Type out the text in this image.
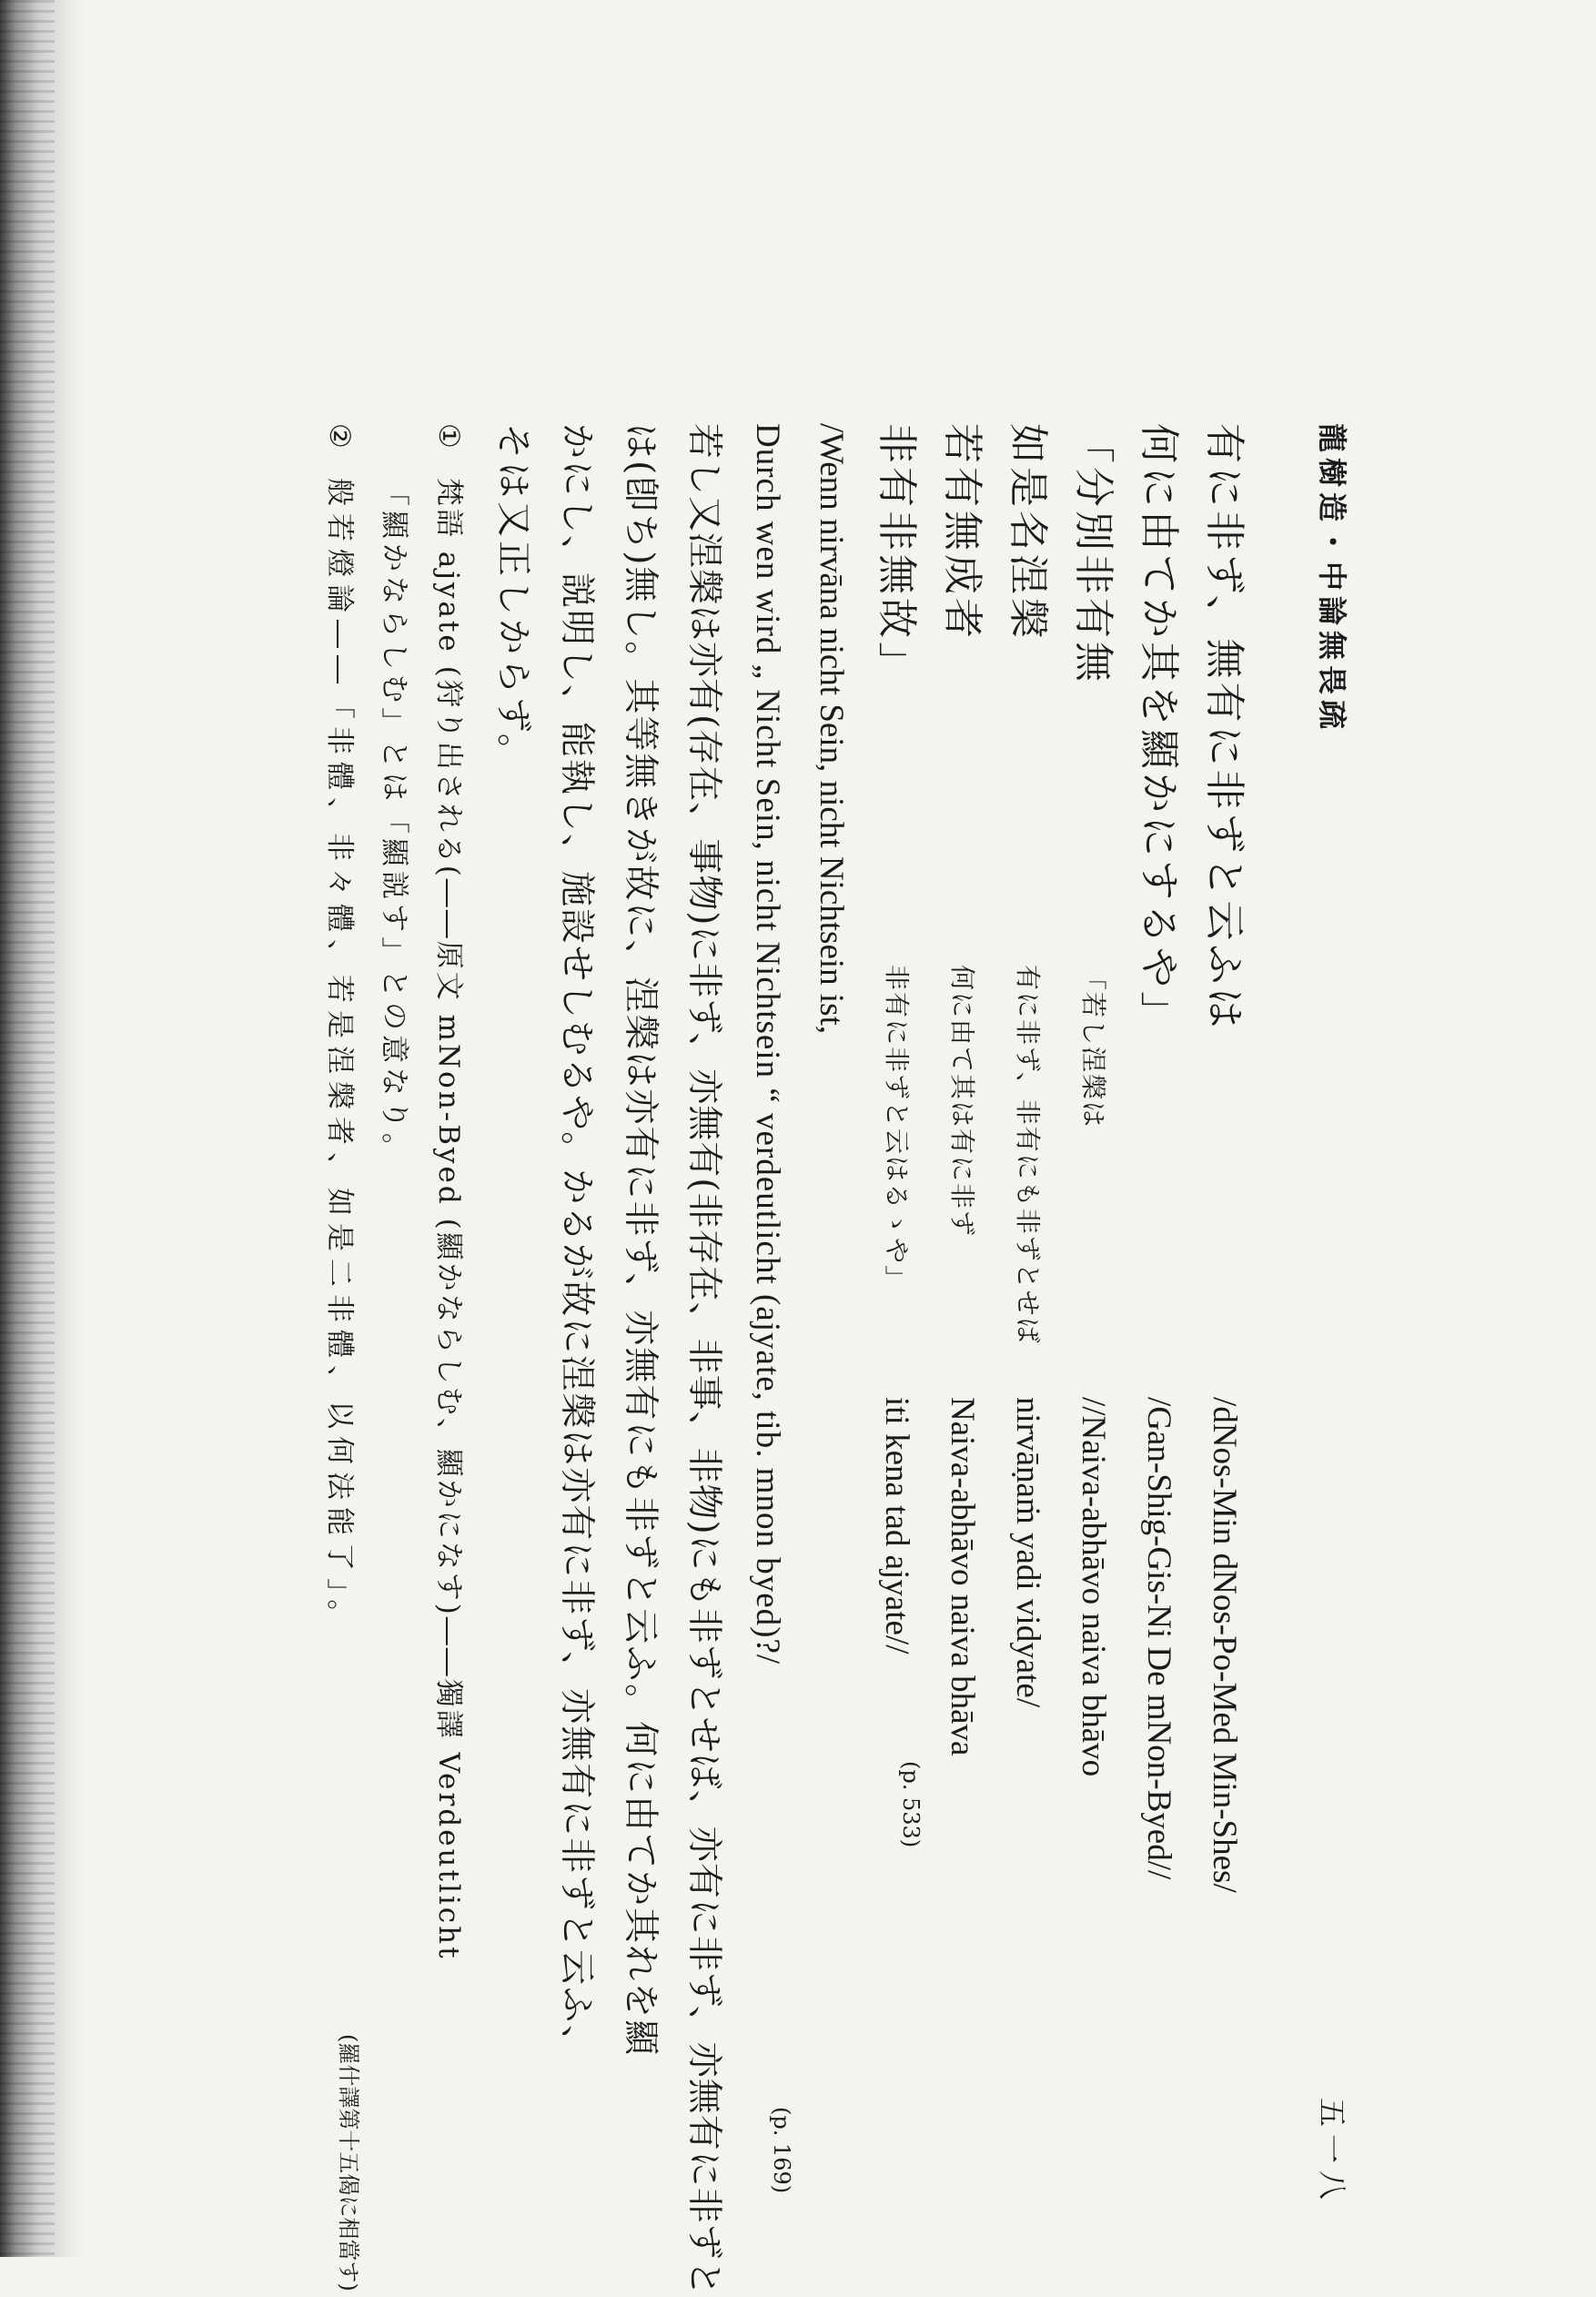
龍樹造・中論無畏疏
五一八
有に非ず、無有に非ずと云ふは
/dNos-Min dNos-Po-Med Min-Shes/
何に由てか其を顯かにするや」
/Gan-Shig-Gis-Ni De mNon-Byed//
「分別非有無
「若し涅槃は
//Naiva-abhāvo naiva bhāvo
如是名涅槃
有に非ず、非有にも非ずとせば
nirvāṇaṁ yadi vidyate/
若有無成者
何に由て其は有に非ず
Naiva-abhāvo naiva bhāva
非有非無故」
非有に非ずと云はるゝや」
iti kena tad ajyate//
(p. 533)
/Wenn nirvāna nicht Sein, nicht Nichtsein ist,
Durch wen wird „ Nicht Sein, nicht Nichtsein “ verdeutlicht (ajyate, tib. mnon byed)?/
(p. 169)
若し又涅槃は亦有(存在、事物)に非ず、亦無有(非存在、非事、非物)にも非ずとせば、亦有に非ず、亦無有に非ずと
は(卽ち)無し。其等無きが故に、涅槃は亦有に非ず、亦無有にも非ずと云ふ。何に由てか其れを顯
かにし、説明し、能執し、施設せしむるや。かるが故に涅槃は亦有に非ず、亦無有に非ずと云ふ、
そは又正しからず。
①
梵語 ajyate (狩り出される(――原文 mNon-Byed (顯かならしむ、顯かになす)――獨譯 Verdeutlicht
「顯かならしむ」とは「顯説す」との意なり。
②
般若燈論――「非體、非々體、若是涅槃者、如是二非體、以何法能了」。
(羅什譯第十五偈に相當す)
